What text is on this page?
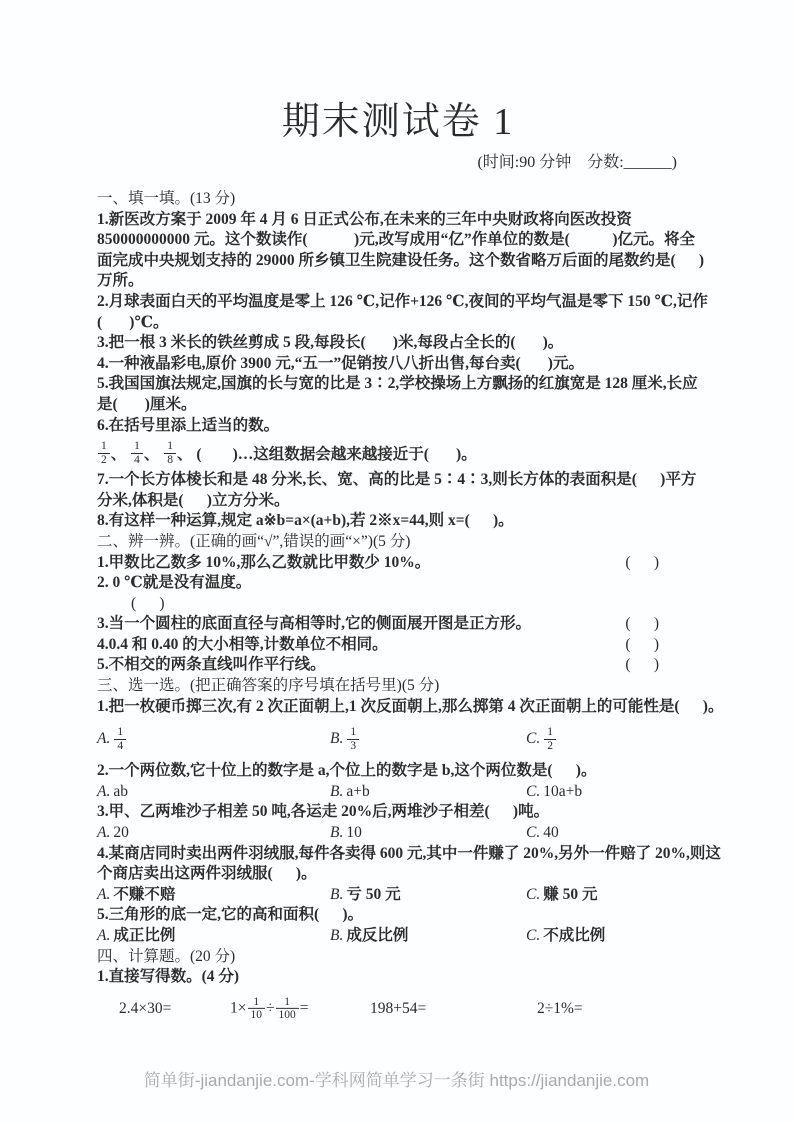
期末测试卷 1
(时间:90 分钟    分数:______)
一、填一填。(13 分)
1.新医改方案于 2009 年 4 月 6 日正式公布,在未来的三年中央财政将向医改投资
850000000000 元。这个数读作(            )元,改写成用“亿”作单位的数是(           )亿元。将全
面完成中央规划支持的 29000 所乡镇卫生院建设任务。这个数省略万后面的尾数约是(      )
万所。
2.月球表面白天的平均温度是零上 126 ℃,记作+126 ℃,夜间的平均气温是零下 150 ℃,记作
(       )℃。
3.把一根 3 米长的铁丝剪成 5 段,每段长(       )米,每段占全长的(       )。
4.一种液晶彩电,原价 3900 元,“五一”促销按八八折出售,每台卖(       )元。
5.我国国旗法规定,国旗的长与宽的比是 3∶2,学校操场上方飘扬的红旗宽是 128 厘米,长应
是(       )厘米。
6.在括号里添上适当的数。
$\frac{1}{2}$ 、
$\frac{1}{4}$ 、
$\frac{1}{8}$ 、
(        )…这组数据会越来越接近于(       )。
7.一个长方体棱长和是 48 分米,长、宽、高的比是 5∶4∶3,则长方体的表面积是(      )平方
分米,体积是(      )立方分米。
8.有这样一种运算,规定 a※b=a×(a+b),若 2※x=44,则 x=(      )。
二、辨一辨。(正确的画“√”,错误的画“×”)(5 分)
1.甲数比乙数多 10%,那么乙数就比甲数少 10%。	(      )
2. 0 ℃就是没有温度。
(      )
3.当一个圆柱的底面直径与高相等时,它的侧面展开图是正方形。	(      )
4.0.4 和 0.40 的大小相等,计数单位不相同。	(      )
5.不相交的两条直线叫作平行线。	(      )
三、选一选。(把正确答案的序号填在括号里)(5 分)
1.把一枚硬币掷三次,有 2 次正面朝上,1 次反面朝上,那么掷第 4 次正面朝上的可能性是(      )。
A. $\frac{1}{4}$	B. $\frac{1}{3}$	C. $\frac{1}{2}$
2.一个两位数,它十位上的数字是 a,个位上的数字是 b,这个两位数是(      )。
A. ab	B. a+b	C. 10a+b
3.甲、乙两堆沙子相差 50 吨,各运走 20%后,两堆沙子相差(      )吨。
A. 20	B. 10	C. 40
4.某商店同时卖出两件羽绒服,每件各卖得 600 元,其中一件赚了 20%,另外一件赔了 20%,则这
个商店卖出这两件羽绒服(      )。
A. 不赚不赔	B. 亏 50 元	C. 赚 50 元
5.三角形的底一定,它的高和面积(      )。
A. 成正比例	B. 成反比例	C. 不成比例
四、计算题。(20 分)
1.直接写得数。(4 分)
2.4×30=	$1\times \frac{1}{10} \div \frac{1}{100}$ =	198+54=	2÷1%=
简单街-jiandanjie.com-学科网简单学习一条街 https://jiandanjie.com
